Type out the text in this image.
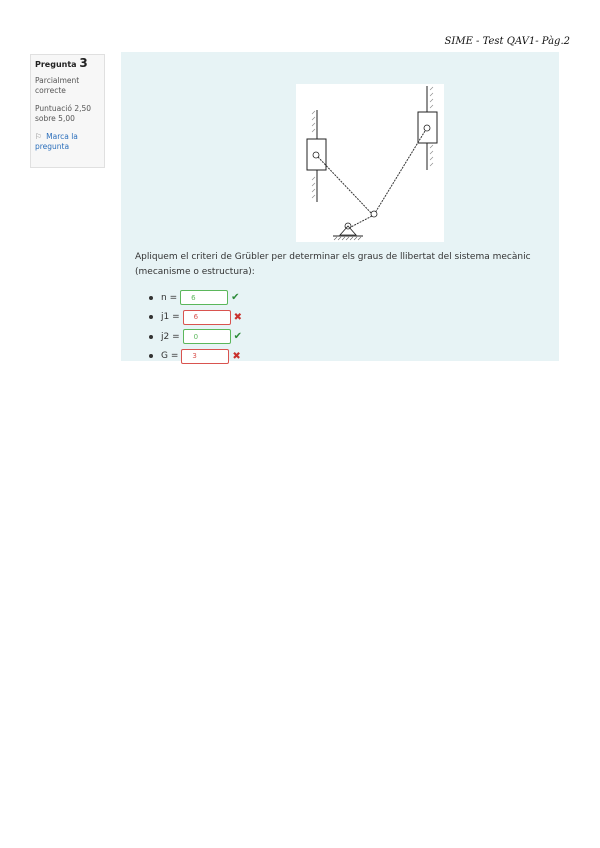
SIME - Test QAV1- Pàg.2
Pregunta 3
Parcialment correcte
Puntuació 2,50 sobre 5,00
⚐ Marca la pregunta
Apliquem el criteri de Grübler per determinar els graus de llibertat del sistema mecànic
(mecanisme o estructura):
n =
6	✔
j1 =
6	✖
j2 =
0	✔
G =
3	✖
